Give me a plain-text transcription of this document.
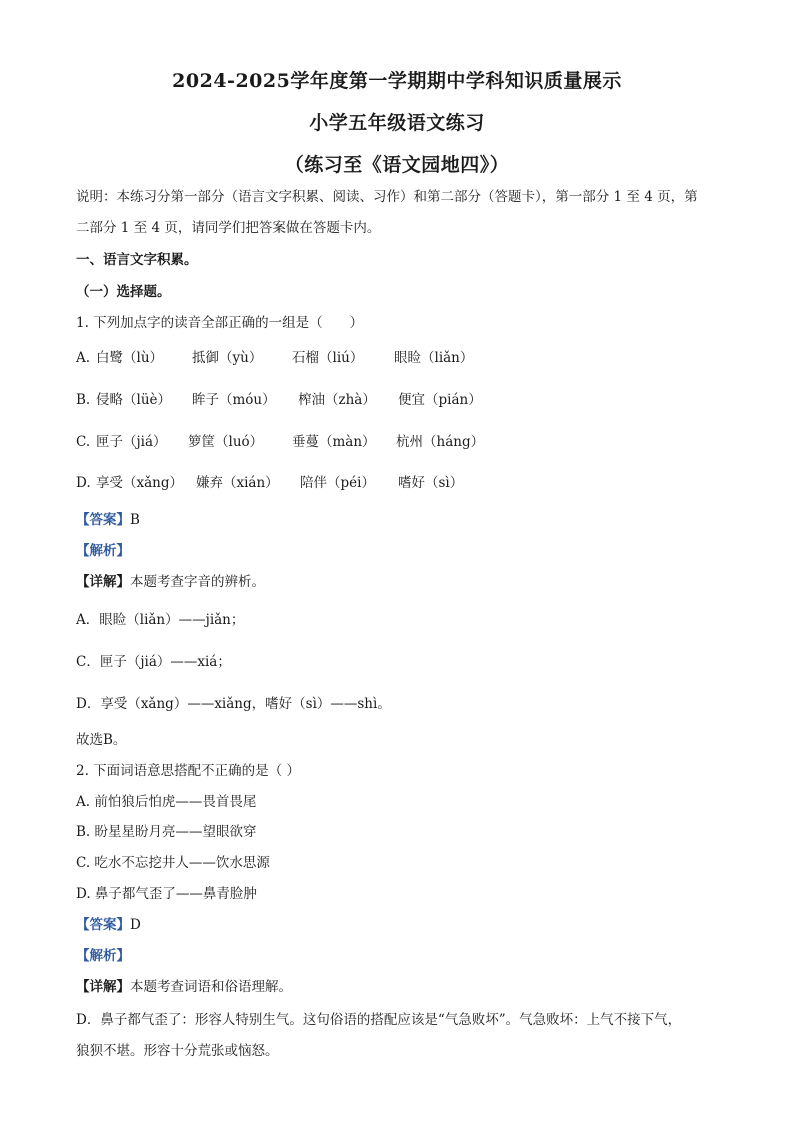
2024-2025学年度第一学期期中学科知识质量展示
小学五年级语文练习
（练习至《语文园地四》）
说明：本练习分第一部分（语言文字积累、阅读、习作）和第二部分（答题卡），第一部分 1 至 4 页，第
二部分 1 至 4 页，请同学们把答案做在答题卡内。
一、语言文字积累。
（一）选择题。
1. 下列加点字的读音全部正确的一组是（　　）
A. 白鹭（lù） 抵御（yù） 石榴（liú） 眼睑（liǎn）
B. 侵略（lüè） 眸子（móu） 榨油（zhà） 便宜（pián）
C. 匣子（jiá） 箩筐（luó） 垂蔓（màn） 杭州（háng）
D. 享受（xǎng） 嫌弃（xián） 陪伴（péi） 嗜好（sì）
【答案】B
【解析】
【详解】本题考查字音的辨析。
A．眼睑（liǎn）——jiǎn；
C．匣子（jiá）——xiá；
D．享受（xǎng）——xiǎng，嗜好（sì）——shì。
故选B。
2. 下面词语意思搭配不正确的是（ ）
A. 前怕狼后怕虎——畏首畏尾
B. 盼星星盼月亮——望眼欲穿
C. 吃水不忘挖井人——饮水思源
D. 鼻子都气歪了——鼻青脸肿
【答案】D
【解析】
【详解】本题考查词语和俗语理解。
D．鼻子都气歪了：形容人特别生气。这句俗语的搭配应该是“气急败坏”。气急败坏：上气不接下气，
狼狈不堪。形容十分荒张或恼怒。
